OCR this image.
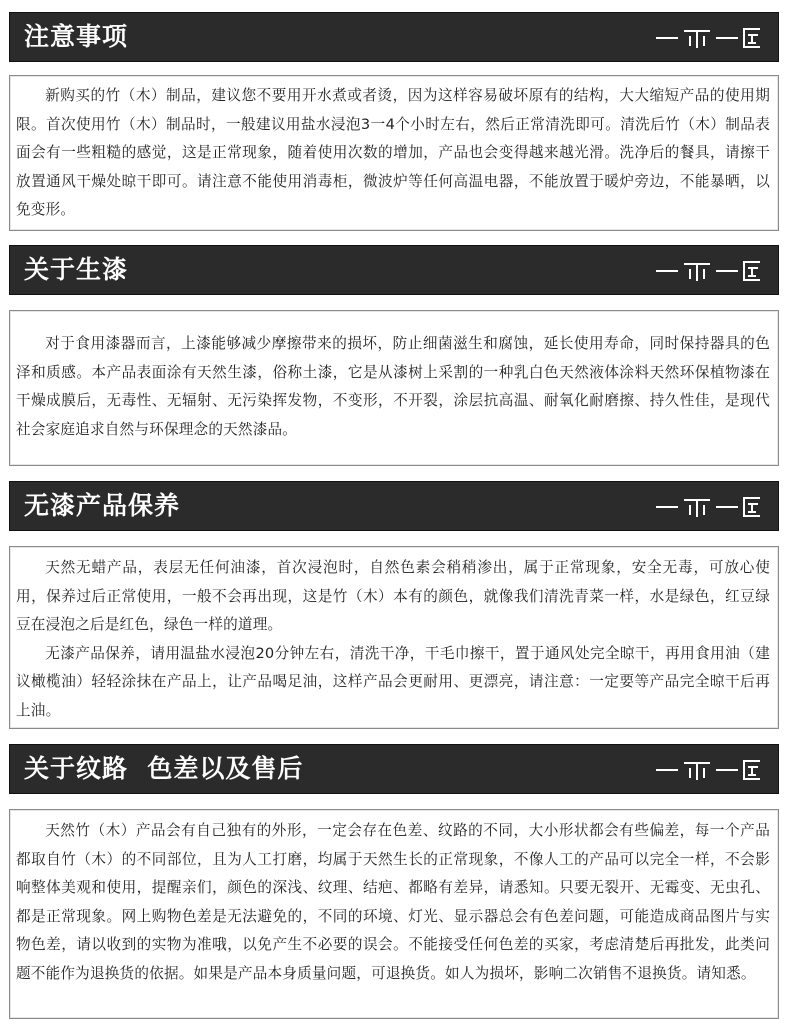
注意事项

新购买的竹（木）制品，建议您不要用开水煮或者烫，因为这样容易破坏原有的结构，大大缩短产品的使用期限。首次使用竹（木）制品时，一般建议用盐水浸泡3一4个小时左右，然后正常清洗即可。清洗后竹（木）制品表面会有一些粗糙的感觉，这是正常现象，随着使用次数的增加，产品也会变得越来越光滑。洗净后的餐具，请擦干放置通风干燥处晾干即可。请注意不能使用消毒柜，微波炉等任何高温电器，不能放置于暖炉旁边，不能暴晒，以免变形。

关于生漆

对于食用漆器而言，上漆能够减少摩擦带来的损坏，防止细菌滋生和腐蚀，延长使用寿命，同时保持器具的色泽和质感。本产品表面涂有天然生漆，俗称土漆，它是从漆树上采割的一种乳白色天然液体涂料天然环保植物漆在干燥成膜后，无毒性、无辐射、无污染挥发物，不变形，不开裂，涂层抗高温、耐氧化耐磨擦、持久性佳，是现代社会家庭追求自然与环保理念的天然漆品。

无漆产品保养

天然无蜡产品，表层无任何油漆，首次浸泡时，自然色素会稍稍渗出，属于正常现象，安全无毒，可放心使用，保养过后正常使用，一般不会再出现，这是竹（木）本有的颜色，就像我们清洗青菜一样，水是绿色，红豆绿豆在浸泡之后是红色，绿色一样的道理。

无漆产品保养，请用温盐水浸泡20分钟左右，清洗干净，干毛巾擦干，置于通风处完全晾干，再用食用油（建议橄榄油）轻轻涂抹在产品上，让产品喝足油，这样产品会更耐用、更漂亮，请注意：一定要等产品完全晾干后再上油。

关于纹路  色差以及售后

天然竹（木）产品会有自己独有的外形，一定会存在色差、纹路的不同，大小形状都会有些偏差，每一个产品都取自竹（木）的不同部位，且为人工打磨，均属于天然生长的正常现象，不像人工的产品可以完全一样，不会影响整体美观和使用，提醒亲们，颜色的深浅、纹理、结疤、都略有差异，请悉知。只要无裂开、无霉变、无虫孔、都是正常现象。网上购物色差是无法避免的，不同的环境、灯光、显示器总会有色差问题，可能造成商品图片与实物色差，请以收到的实物为准哦，以免产生不必要的误会。不能接受任何色差的买家，考虑清楚后再批发，此类问题不能作为退换货的依据。如果是产品本身质量问题，可退换货。如人为损坏，影响二次销售不退换货。请知悉。
